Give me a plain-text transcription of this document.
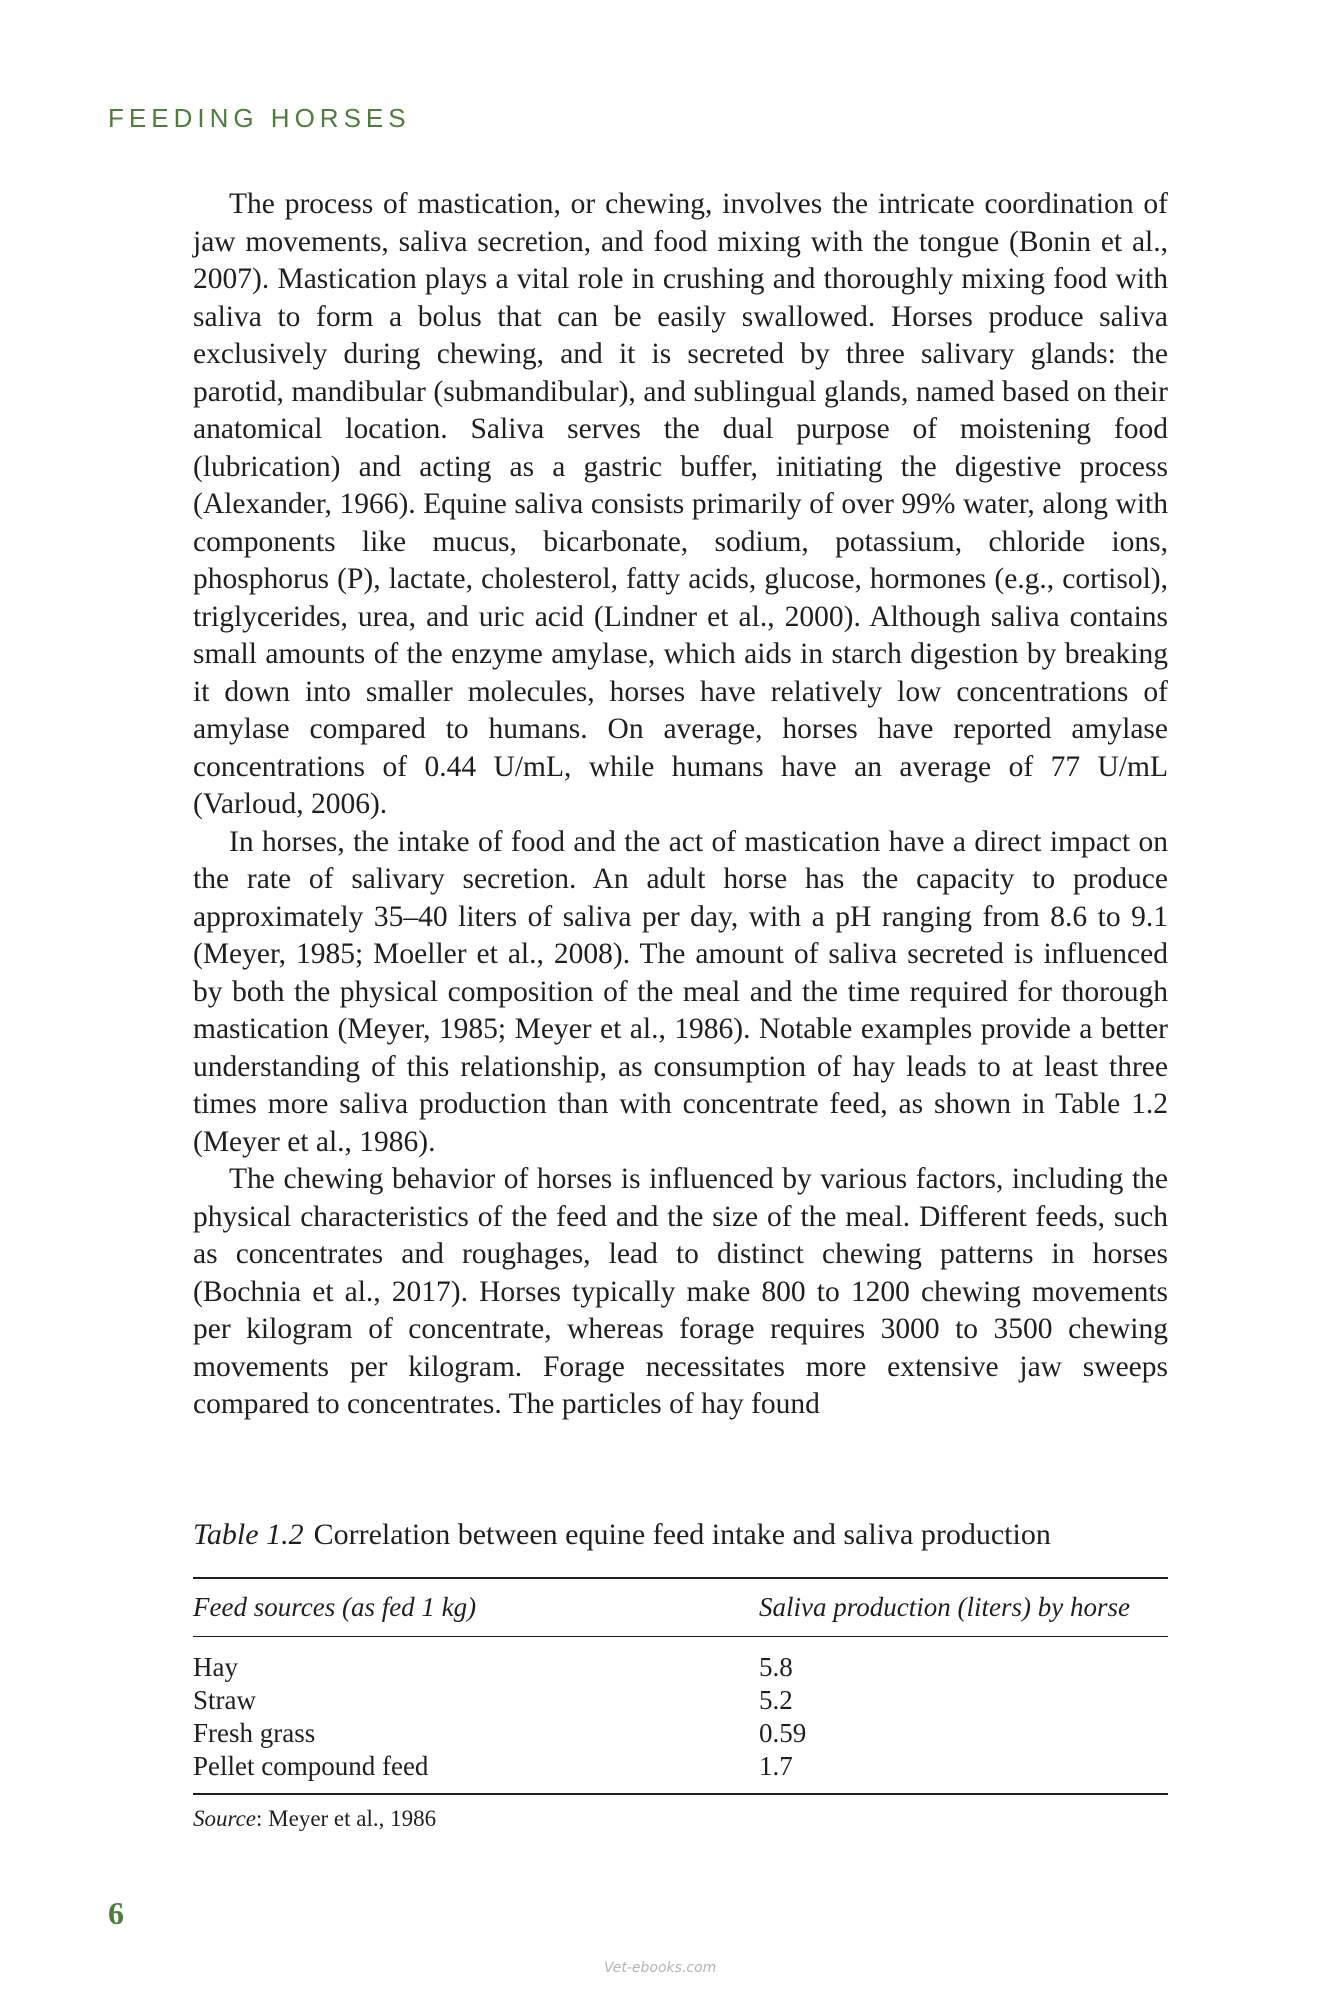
FEEDING HORSES

The process of mastication, or chewing, involves the intricate coordination of jaw movements, saliva secretion, and food mixing with the tongue (Bonin et al., 2007). Mastication plays a vital role in crushing and thoroughly mixing food with saliva to form a bolus that can be easily swallowed. Horses produce saliva exclusively during chewing, and it is secreted by three salivary glands: the parotid, mandibular (submandibular), and sublingual glands, named based on their anatomical location. Saliva serves the dual purpose of moistening food (lubrication) and acting as a gastric buffer, initiating the digestive process (Alexander, 1966). Equine saliva consists primarily of over 99% water, along with components like mucus, bicarbonate, sodium, potassium, chloride ions, phosphorus (P), lactate, cholesterol, fatty acids, glucose, hormones (e.g., cortisol), triglycerides, urea, and uric acid (Lindner et al., 2000). Although saliva contains small amounts of the enzyme amylase, which aids in starch digestion by breaking it down into smaller molecules, horses have relatively low concentrations of amylase compared to humans. On average, horses have reported amylase concentrations of 0.44 U/mL, while humans have an average of 77 U/mL (Varloud, 2006).

In horses, the intake of food and the act of mastication have a direct impact on the rate of salivary secretion. An adult horse has the capacity to produce approximately 35–40 liters of saliva per day, with a pH ranging from 8.6 to 9.1 (Meyer, 1985; Moeller et al., 2008). The amount of saliva secreted is influenced by both the physical composition of the meal and the time required for thorough mastication (Meyer, 1985; Meyer et al., 1986). Notable examples provide a better understanding of this relationship, as consumption of hay leads to at least three times more saliva production than with concentrate feed, as shown in Table 1.2 (Meyer et al., 1986).

The chewing behavior of horses is influenced by various factors, including the physical characteristics of the feed and the size of the meal. Different feeds, such as concentrates and roughages, lead to distinct chewing patterns in horses (Bochnia et al., 2017). Horses typically make 800 to 1200 chewing movements per kilogram of concentrate, whereas forage requires 3000 to 3500 chewing movements per kilogram. Forage necessitates more extensive jaw sweeps compared to concentrates. The particles of hay found

Table 1.2 Correlation between equine feed intake and saliva production
Feed sources (as fed 1 kg)	Saliva production (liters) by horse
Hay	5.8
Straw	5.2
Fresh grass	0.59
Pellet compound feed	1.7
Source: Meyer et al., 1986
6
Vet-ebooks.com
